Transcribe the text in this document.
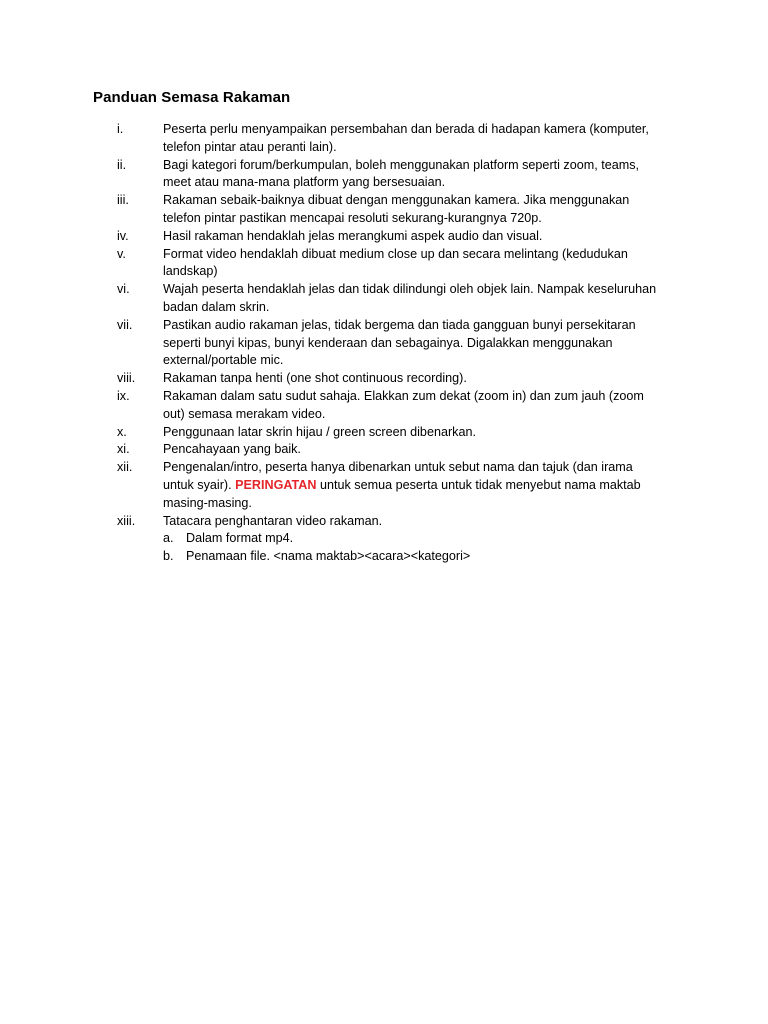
Panduan Semasa Rakaman
i.	Peserta perlu menyampaikan persembahan dan berada di hadapan kamera (komputer, telefon pintar atau peranti lain).
ii.	Bagi kategori forum/berkumpulan, boleh menggunakan platform seperti zoom, teams, meet atau mana-mana platform yang bersesuaian.
iii.	Rakaman sebaik-baiknya dibuat dengan menggunakan kamera. Jika menggunakan telefon pintar pastikan mencapai resoluti sekurang-kurangnya 720p.
iv.	Hasil rakaman hendaklah jelas merangkumi aspek audio dan visual.
v.	Format video hendaklah dibuat medium close up dan secara melintang (kedudukan landskap)
vi.	Wajah peserta hendaklah jelas dan tidak dilindungi oleh objek lain. Nampak keseluruhan badan dalam skrin.
vii.	Pastikan audio rakaman jelas, tidak bergema dan tiada gangguan bunyi persekitaran seperti bunyi kipas, bunyi kenderaan dan sebagainya. Digalakkan menggunakan external/portable mic.
viii.	Rakaman tanpa henti (one shot continuous recording).
ix.	Rakaman dalam satu sudut sahaja. Elakkan zum dekat (zoom in) dan zum jauh (zoom out) semasa merakam video.
x.	Penggunaan latar skrin hijau / green screen dibenarkan.
xi.	Pencahayaan yang baik.
xii.	Pengenalan/intro, peserta hanya dibenarkan untuk sebut nama dan tajuk (dan irama untuk syair). PERINGATAN untuk semua peserta untuk tidak menyebut nama maktab masing-masing.
xiii.	Tatacara penghantaran video rakaman.
a. Dalam format mp4.
b. Penamaan file. <nama maktab><acara><kategori>
